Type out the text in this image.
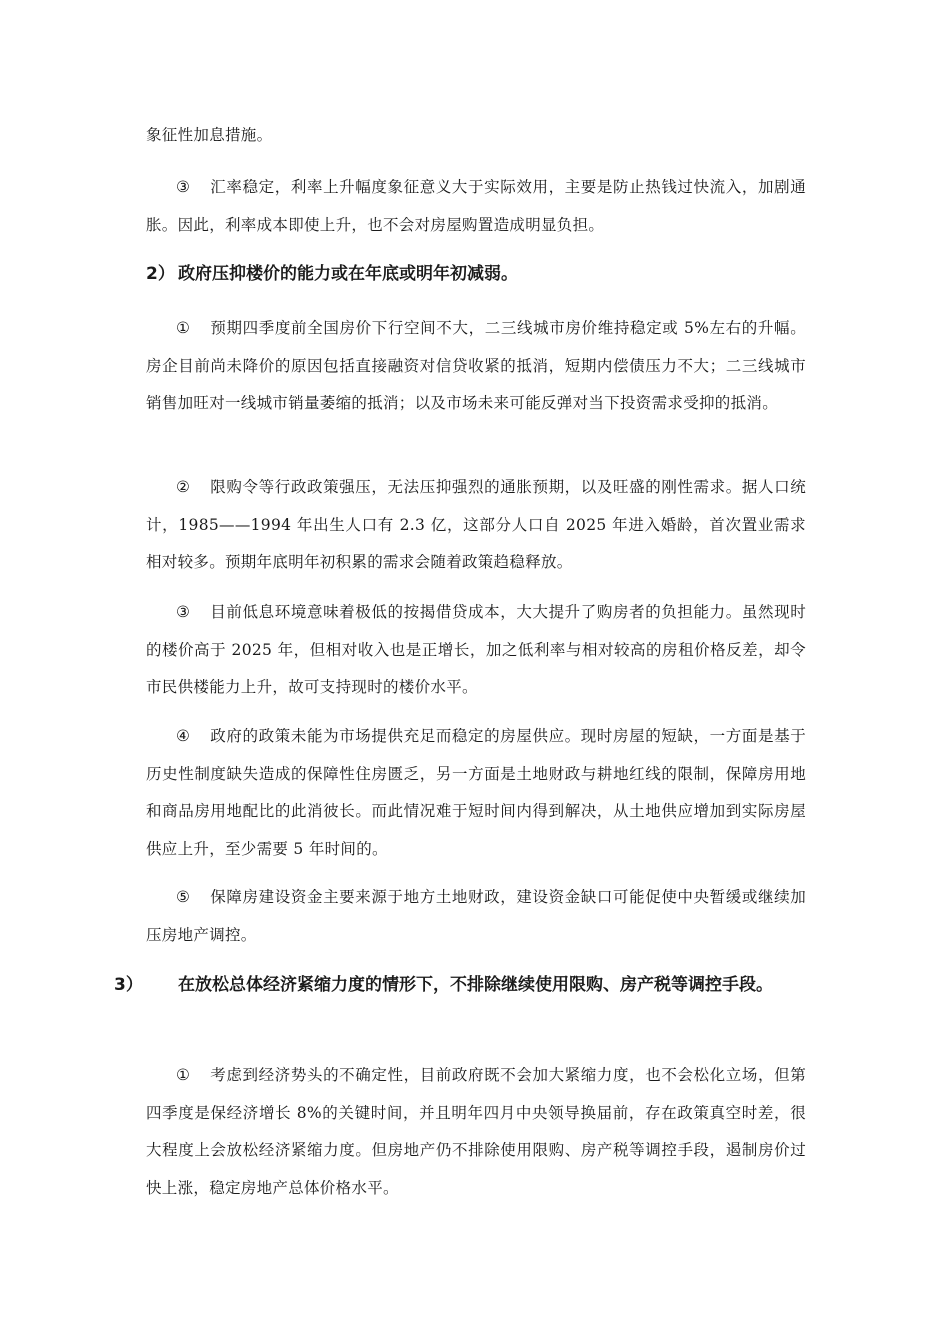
象征性加息措施。

③ 汇率稳定，利率上升幅度象征意义大于实际效用，主要是防止热钱过快流入，加剧通胀。因此，利率成本即使上升，也不会对房屋购置造成明显负担。

2） 政府压抑楼价的能力或在年底或明年初减弱。

① 预期四季度前全国房价下行空间不大，二三线城市房价维持稳定或 5%左右的升幅。房企目前尚未降价的原因包括直接融资对信贷收紧的抵消，短期内偿债压力不大；二三线城市销售加旺对一线城市销量萎缩的抵消；以及市场未来可能反弹对当下投资需求受抑的抵消。

② 限购令等行政政策强压，无法压抑强烈的通胀预期，以及旺盛的刚性需求。据人口统计，1985——1994 年出生人口有 2.3 亿，这部分人口自 2025 年进入婚龄，首次置业需求相对较多。预期年底明年初积累的需求会随着政策趋稳释放。

③ 目前低息环境意味着极低的按揭借贷成本，大大提升了购房者的负担能力。虽然现时的楼价高于 2025 年，但相对收入也是正增长，加之低利率与相对较高的房租价格反差，却令市民供楼能力上升，故可支持现时的楼价水平。

④ 政府的政策未能为市场提供充足而稳定的房屋供应。现时房屋的短缺，一方面是基于历史性制度缺失造成的保障性住房匮乏，另一方面是土地财政与耕地红线的限制，保障房用地和商品房用地配比的此消彼长。而此情况难于短时间内得到解决，从土地供应增加到实际房屋供应上升，至少需要 5 年时间的。

⑤ 保障房建设资金主要来源于地方土地财政，建设资金缺口可能促使中央暂缓或继续加压房地产调控。

3） 在放松总体经济紧缩力度的情形下，不排除继续使用限购、房产税等调控手段。

① 考虑到经济势头的不确定性，目前政府既不会加大紧缩力度，也不会松化立场，但第四季度是保经济增长 8%的关键时间，并且明年四月中央领导换届前，存在政策真空时差，很大程度上会放松经济紧缩力度。但房地产仍不排除使用限购、房产税等调控手段，遏制房价过快上涨，稳定房地产总体价格水平。
